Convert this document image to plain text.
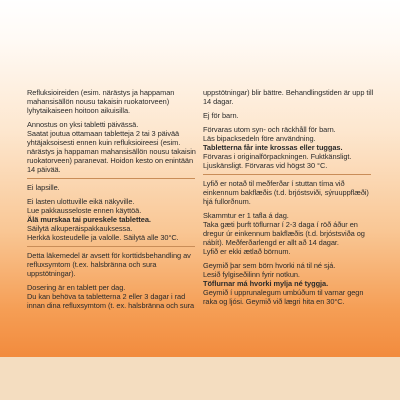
Refluksioireiden (esim. närästys ja happaman
mahansisällön nousu takaisin ruokatorveen)
lyhytaikaiseen hoitoon aikuisilla.

Annostus on yksi tabletti päivässä.
Saatat joutua ottamaan tabletteja 2 tai 3 päivää
yhtäjaksoisesti ennen kuin refluksioireesi (esim.
närästys ja happaman mahansisällön nousu takaisin
ruokatorveen) paranevat. Hoidon kesto on enintään
14 päivää.

Ei lapsille.

Ei lasten ulottuville eikä näkyville.
Lue pakkausseloste ennen käyttöä.
Älä murskaa tai pureskele tablettea.
Säilytä alkuperäispakkauksessa.
Herkkä kosteudelle ja valolle. Säilytä alle 30°C.

Detta läkemedel är avsett för korttidsbehandling av
refluxsymtom (t.ex. halsbränna och sura
uppstötningar).

Dosering är en tablett per dag.
Du kan behöva ta tabletterna 2 eller 3 dagar i rad
innan dina refluxsymtom (t. ex. halsbränna och sura

uppstötningar) blir bättre. Behandlingstiden är upp till
14 dagar.

Ej för barn.

Förvaras utom syn- och räckhåll för barn.
Läs bipacksedeln före användning.
Tabletterna får inte krossas eller tuggas.
Förvaras i originalförpackningen. Fuktkänsligt.
Ljuskänsligt. Förvaras vid högst 30 °C.

Lyfið er notað til meðferðar í stuttan tíma við
einkennum bakflæðis (t.d. brjóstsviði, sýruuppflæði)
hjá fullorðnum.

Skammtur er 1 tafla á dag.
Taka gæti þurft töflurnar í 2-3 daga í röð áður en
dregur úr einkennum bakflæðis (t.d. brjóstsviða og
nábít). Meðferðarlengd er allt að 14 dagar.
Lyfið er ekki ætlað börnum.

Geymið þar sem börn hvorki ná til né sjá.
Lesið fylgiseðilinn fyrir notkun.
Töflurnar má hvorki mylja né tyggja.
Geymið í upprunalegum umbúðum til varnar gegn
raka og ljósi. Geymið við lægri hita en 30°C.
